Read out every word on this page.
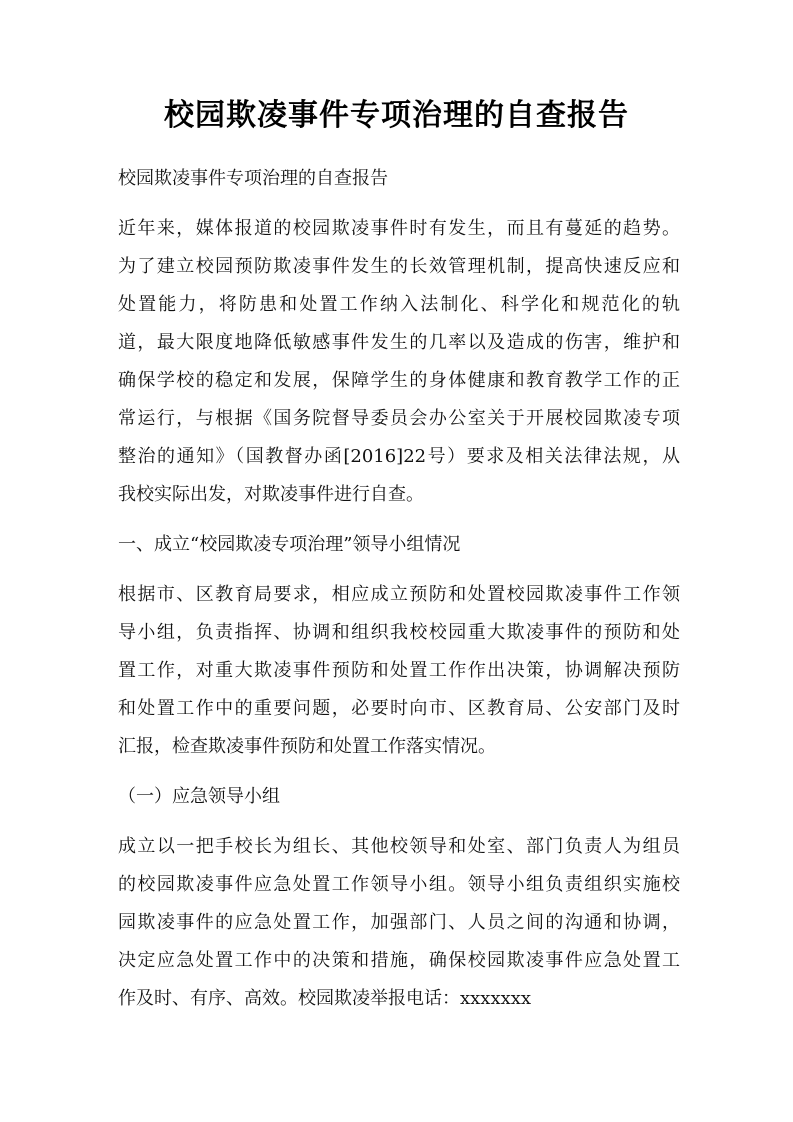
校园欺凌事件专项治理的自查报告
校园欺凌事件专项治理的自查报告
近年来，媒体报道的校园欺凌事件时有发生，而且有蔓延的趋势。
为了建立校园预防欺凌事件发生的长效管理机制，提高快速反应和
处置能力，将防患和处置工作纳入法制化、科学化和规范化的轨
道，最大限度地降低敏感事件发生的几率以及造成的伤害，维护和
确保学校的稳定和发展，保障学生的身体健康和教育教学工作的正
常运行，与根据《国务院督导委员会办公室关于开展校园欺凌专项
整治的通知》（国教督办函[2016]22号）要求及相关法律法规，从
我校实际出发，对欺凌事件进行自查。
一、成立“校园欺凌专项治理”领导小组情况
根据市、区教育局要求，相应成立预防和处置校园欺凌事件工作领
导小组，负责指挥、协调和组织我校校园重大欺凌事件的预防和处
置工作，对重大欺凌事件预防和处置工作作出决策，协调解决预防
和处置工作中的重要问题，必要时向市、区教育局、公安部门及时
汇报，检查欺凌事件预防和处置工作落实情况。
（一）应急领导小组
成立以一把手校长为组长、其他校领导和处室、部门负责人为组员
的校园欺凌事件应急处置工作领导小组。领导小组负责组织实施校
园欺凌事件的应急处置工作，加强部门、人员之间的沟通和协调，
决定应急处置工作中的决策和措施，确保校园欺凌事件应急处置工
作及时、有序、高效。校园欺凌举报电话：xxxxxxx
